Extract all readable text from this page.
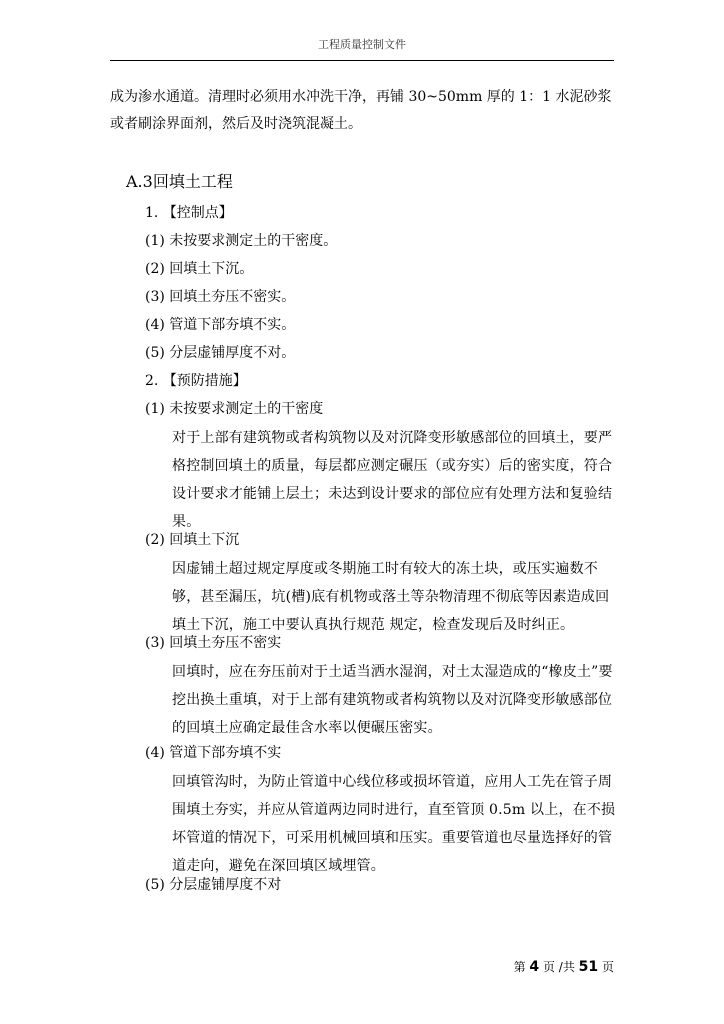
工程质量控制文件

成为渗水通道。清理时必须用水冲洗干净，再铺 30~50mm 厚的 1：1 水泥砂浆或者刷涂界面剂，然后及时浇筑混凝土。

A.3回填土工程
1. 【控制点】
(1) 未按要求测定土的干密度。
(2) 回填土下沉。
(3) 回填土夯压不密实。
(4) 管道下部夯填不实。
(5) 分层虚铺厚度不对。
2. 【预防措施】
(1) 未按要求测定土的干密度

对于上部有建筑物或者构筑物以及对沉降变形敏感部位的回填土，要严格控制回填土的质量，每层都应测定碾压（或夯实）后的密实度，符合设计要求才能铺上层土；未达到设计要求的部位应有处理方法和复验结果。

(2) 回填土下沉

因虚铺土超过规定厚度或冬期施工时有较大的冻土块，或压实遍数不够，甚至漏压，坑(槽)底有机物或落土等杂物清理不彻底等因素造成回填土下沉，施工中要认真执行规范 规定，检查发现后及时纠正。

(3) 回填土夯压不密实

回填时，应在夯压前对于土适当洒水湿润，对土太湿造成的“橡皮土”要挖出换土重填，对于上部有建筑物或者构筑物以及对沉降变形敏感部位的回填土应确定最佳含水率以便碾压密实。

(4) 管道下部夯填不实

回填管沟时，为防止管道中心线位移或损坏管道，应用人工先在管子周围填土夯实，并应从管道两边同时进行，直至管顶 0.5m 以上，在不损坏管道的情况下，可采用机械回填和压实。重要管道也尽量选择好的管道走向，避免在深回填区域埋管。

(5) 分层虚铺厚度不对
第 4 页 /共 51 页
